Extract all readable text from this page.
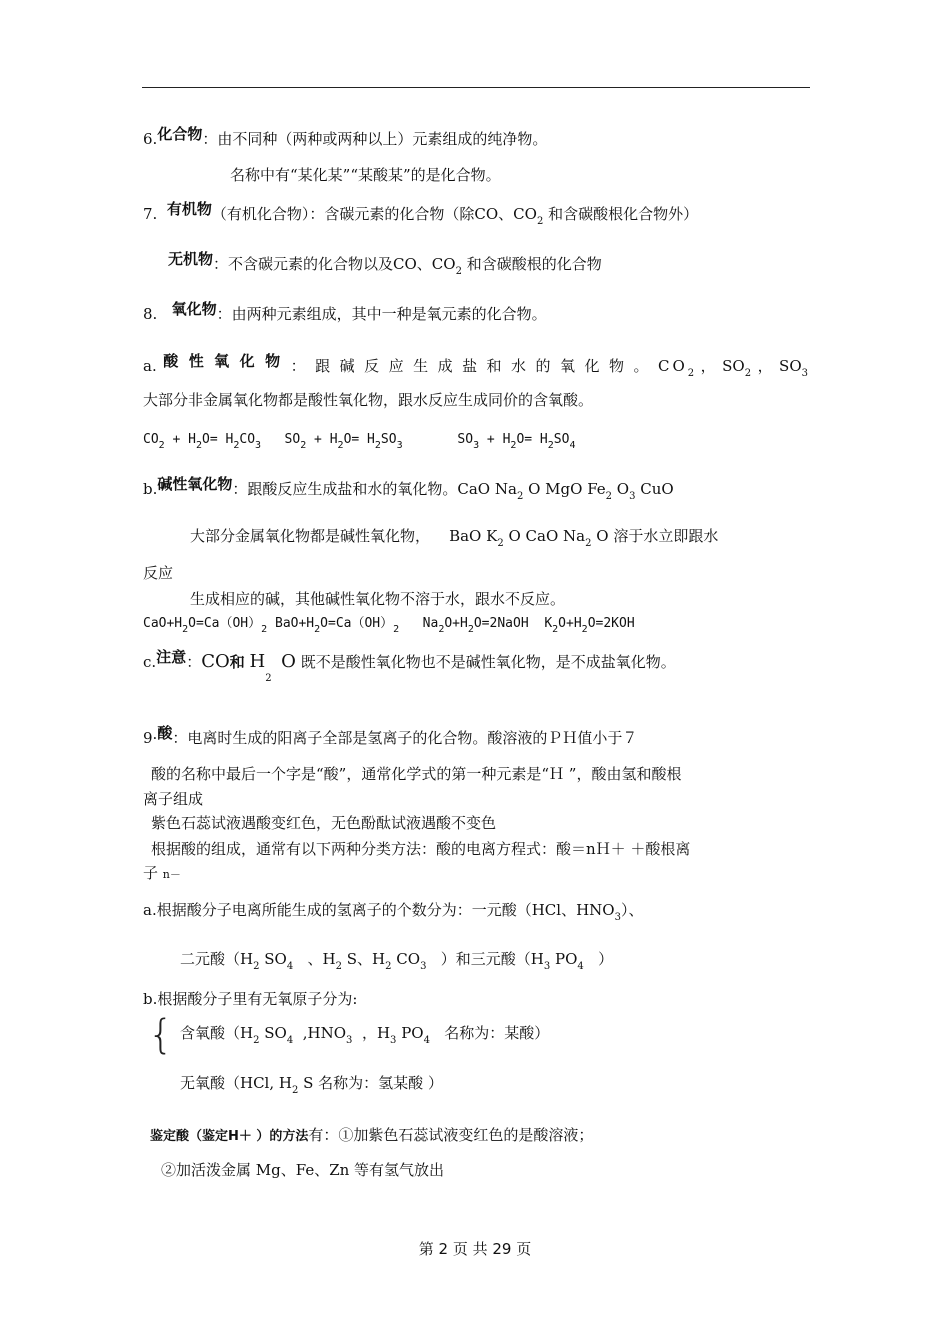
6.化合物：由不同种（两种或两种以上）元素组成的纯净物。
名称中有“某化某”“某酸某”的是化合物。
7. 有机物（有机化合物）：含碳元素的化合物（除CO、$CO_2$ 和含碳酸根化合物外）
无机物：不含碳元素的化合物以及CO、$CO_2$ 和含碳酸根的化合物
8. 氧化物：由两种元素组成，其中一种是氧元素的化合物。
a.酸性氧化物：跟碱反应生成盐和水的氧化物。$CO_2$，$SO_2$，$SO_3$
大部分非金属氧化物都是酸性氧化物，跟水反应生成同价的含氧酸。
$CO_2 + H_2O= H_2CO_3$ $SO_2 + H_2O= H_2SO_3$	$SO_3 + H_2O= H_2SO_4$
b.碱性氧化物：跟酸反应生成盐和水的氧化物。CaO $Na_2$ O MgO $Fe_2$ $O_3$ CuO
大部分金属氧化物都是碱性氧化物， BaO $K_2$ O CaO $Na_2$ O 溶于水立即跟水
反应
生成相应的碱，其他碱性氧化物不溶于水，跟水不反应。
$CaO+H_2O=Ca(OH)_2$ $BaO+H_2O=Ca(OH)_2$ $Na_2O+H_2O=2NaOH$ $K_2O+H_2O=2KOH$
c.注意：CO和 $H_2$  O 既不是酸性氧化物也不是碱性氧化物，是不成盐氧化物。
9·酸：电离时生成的阳离子全部是氢离子的化合物。酸溶液的ＰＨ值小于７
酸的名称中最后一个字是“酸”，通常化学式的第一种元素是“Ｈ ”，酸由氢和酸根
离子组成
紫色石蕊试液遇酸变红色，无色酚酞试液遇酸不变色
根据酸的组成，通常有以下两种分类方法：酸的电离方程式：酸＝nＨ＋ ＋酸根离
子 n－
a.根据酸分子电离所能生成的氢离子的个数分为：一元酸（HCl、$HNO_3$）、
二元酸（$H_2$ $SO_4$ 、$H_2$ S、$H_2$ $CO_3$ ）和三元酸（$H_3$ $PO_4$ ）
b.根据酸分子里有无氧原子分为:
{ 含氧酸（$H_2$ $SO_4$ $,HNO_3$ ，$H_3$ $PO_4$ 名称为：某酸）
无氧酸（HCl, $H_2$ S 名称为：氢某酸 ）
鉴定酸（鉴定H＋ ）的方法有：①加紫色石蕊试液变红色的是酸溶液；
②加活泼金属 Mg、Fe、Zn 等有氢气放出
第 2 页 共 29 页
